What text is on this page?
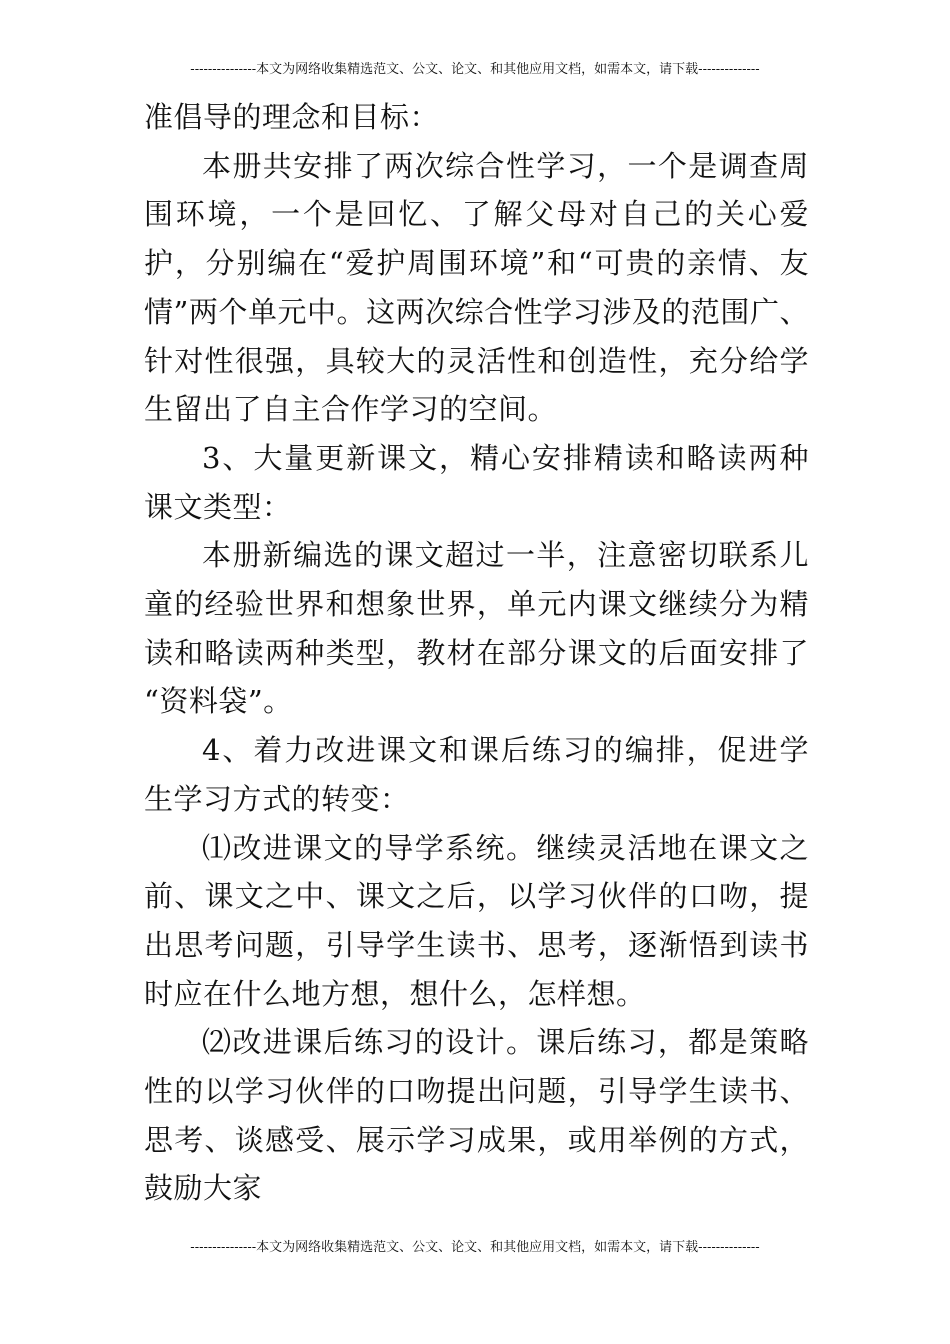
---------------本文为网络收集精选范文、公文、论文、和其他应用文档，如需本文，请下载--------------

准倡导的理念和目标：

本册共安排了两次综合性学习，一个是调查周围环境，一个是回忆、了解父母对自己的关心爱护，分别编在“爱护周围环境”和“可贵的亲情、友情”两个单元中。这两次综合性学习涉及的范围广、针对性很强，具较大的灵活性和创造性，充分给学生留出了自主合作学习的空间。

3、大量更新课文，精心安排精读和略读两种课文类型：

本册新编选的课文超过一半，注意密切联系儿童的经验世界和想象世界，单元内课文继续分为精读和略读两种类型，教材在部分课文的后面安排了 “资料袋”。

4、着力改进课文和课后练习的编排，促进学生学习方式的转变：

⑴改进课文的导学系统。继续灵活地在课文之前、课文之中、课文之后，以学习伙伴的口吻，提出思考问题，引导学生读书、思考，逐渐悟到读书时应在什么地方想，想什么，怎样想。

⑵改进课后练习的设计。课后练习，都是策略性的以学习伙伴的口吻提出问题，引导学生读书、思考、谈感受、展示学习成果，或用举例的方式，鼓励大家

---------------本文为网络收集精选范文、公文、论文、和其他应用文档，如需本文，请下载--------------
